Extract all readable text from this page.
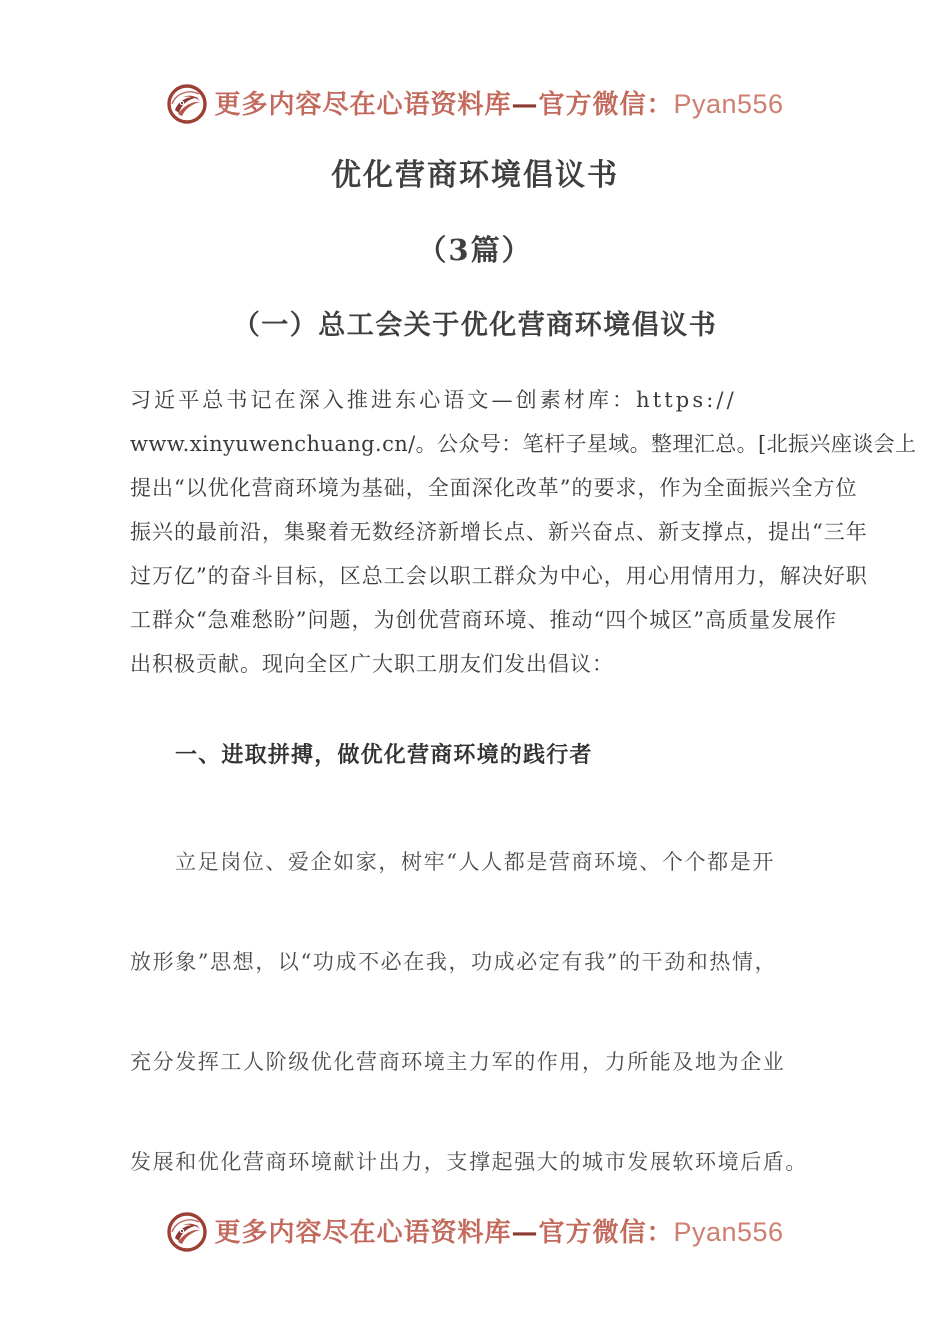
更多内容尽在心语资料库—官方微信：Pyan556
优化营商环境倡议书
（3篇）
（一）总工会关于优化营商环境倡议书
习近平总书记在深入推进东心语文—创素材库：https://
www.xinyuwenchuang.cn/。公众号：笔杆子星域。整理汇总。[北振兴座谈会上
提出“以优化营商环境为基础，全面深化改革”的要求，作为全面振兴全方位
振兴的最前沿，集聚着无数经济新增长点、新兴奋点、新支撑点，提出“三年
过万亿”的奋斗目标，区总工会以职工群众为中心，用心用情用力，解决好职
工群众“急难愁盼”问题，为创优营商环境、推动“四个城区”高质量发展作
出积极贡献。现向全区广大职工朋友们发出倡议：
一、进取拼搏，做优化营商环境的践行者
立足岗位、爱企如家，树牢“人人都是营商环境、个个都是开
放形象”思想，以“功成不必在我，功成必定有我”的干劲和热情，
充分发挥工人阶级优化营商环境主力军的作用，力所能及地为企业
发展和优化营商环境献计出力，支撑起强大的城市发展软环境后盾。
更多内容尽在心语资料库—官方微信：Pyan556
